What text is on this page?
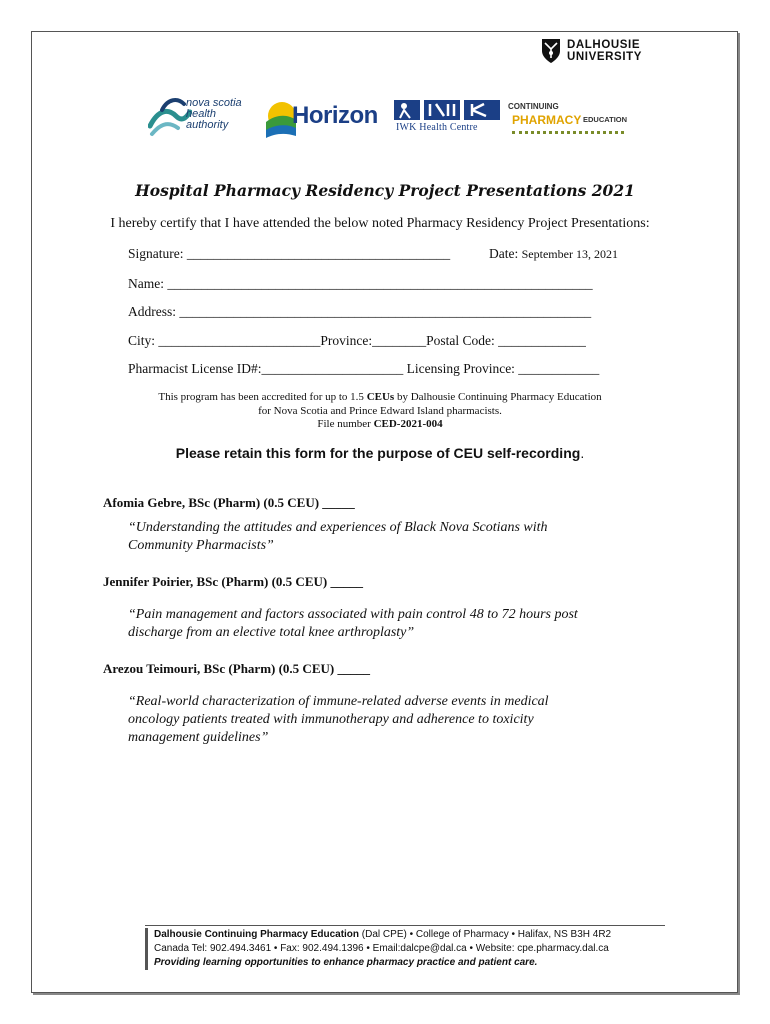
DALHOUSIE
UNIVERSITY
nova scotia
health authority	Horizon IWK Health Centre
CONTINUING
PHARMACY EDUCATION
Hospital Pharmacy Residency Project Presentations 2021
I hereby certify that I have attended the below noted Pharmacy Residency Project Presentations:
Signature: _______________________________________	Date: September 13, 2021
Name: _______________________________________________________________
Address: _____________________________________________________________
City: ________________________Province:________Postal Code: _____________
Pharmacist License ID#:_____________________ Licensing Province: ____________
This program has been accredited for up to 1.5 CEUs by Dalhousie Continuing Pharmacy Education
for Nova Scotia and Prince Edward Island pharmacists.
File number CED-2021-004
Please retain this form for the purpose of CEU self-recording.
Afomia Gebre, BSc (Pharm) (0.5 CEU) _____
“Understanding the attitudes and experiences of Black Nova Scotians with
Community Pharmacists”
Jennifer Poirier, BSc (Pharm) (0.5 CEU) _____
“Pain management and factors associated with pain control 48 to 72 hours post
discharge from an elective total knee arthroplasty”
Arezou Teimouri, BSc (Pharm) (0.5 CEU) _____
“Real-world characterization of immune-related adverse events in medical
oncology patients treated with immunotherapy and adherence to toxicity
management guidelines”
Dalhousie Continuing Pharmacy Education (Dal CPE) • College of Pharmacy • Halifax, NS B3H 4R2
Canada Tel: 902.494.3461 • Fax: 902.494.1396 • Email:dalcpe@dal.ca • Website: cpe.pharmacy.dal.ca
Providing learning opportunities to enhance pharmacy practice and patient care.
